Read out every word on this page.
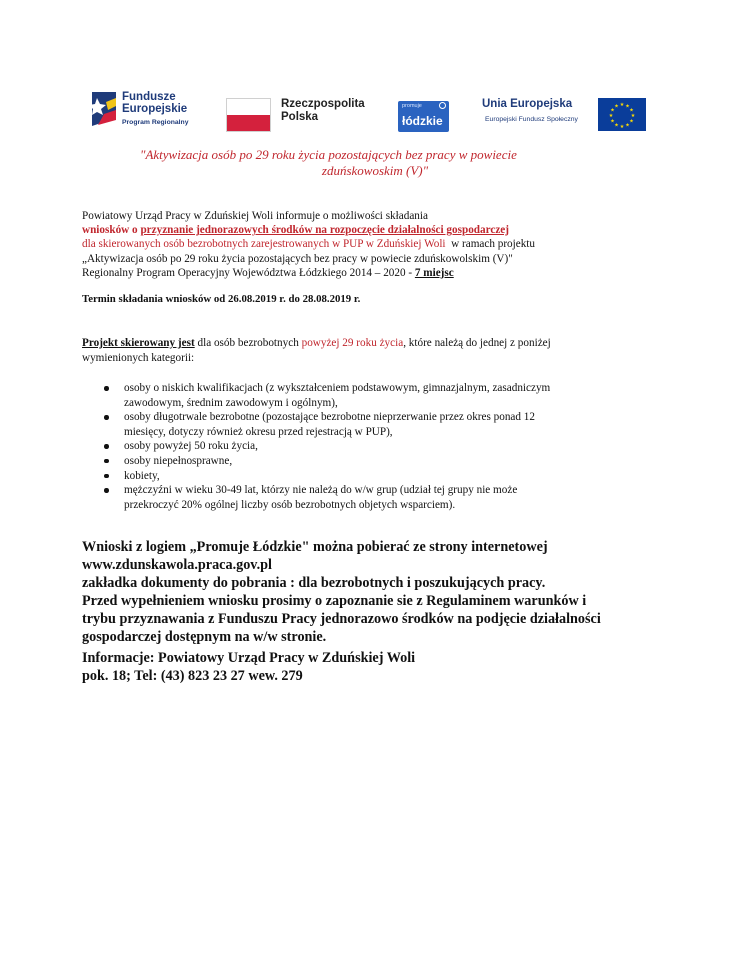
Fundusze
Europejskie
Program Regionalny
Rzeczpospolita
Polska
promuje
łódzkie
Unia Europejska
Europejski Fundusz Społeczny
★ ★
★
★
★
★
★
★
★
★
★
★
"Aktywizacja osób po 29 roku życia pozostających bez pracy w powiecie
zduńskowoskim (V)"
Powiatowy Urząd Pracy w Zduńskiej Woli informuje o możliwości składania
wniosków o przyznanie jednorazowych środków na rozpoczęcie działalności gospodarczej
dla skierowanych osób bezrobotnych zarejestrowanych w PUP w Zduńskiej Woli  w ramach projektu
„Aktywizacja osób po 29 roku życia pozostających bez pracy w powiecie zduńskowolskim (V)"
Regionalny Program Operacyjny Województwa Łódzkiego 2014 – 2020 - 7 miejsc
Termin składania wniosków od 26.08.2019 r. do 28.08.2019 r.
Projekt skierowany jest dla osób bezrobotnych powyżej 29 roku życia, które należą do jednej z poniżej
wymienionych kategorii:
osoby o niskich kwalifikacjach (z wykształceniem podstawowym, gimnazjalnym, zasadniczym
zawodowym, średnim zawodowym i ogólnym),
osoby długotrwale bezrobotne (pozostające bezrobotne nieprzerwanie przez okres ponad 12
miesięcy, dotyczy również okresu przed rejestracją w PUP),
osoby powyżej 50 roku życia,
osoby niepełnosprawne,
kobiety,
mężczyźni w wieku 30-49 lat, którzy nie należą do w/w grup (udział tej grupy nie może
przekroczyć 20% ogólnej liczby osób bezrobotnych objetych wsparciem).
Wnioski z logiem „Promuje Łódzkie" można pobierać ze strony internetowej
www.zdunskawola.praca.gov.pl
zakładka dokumenty do pobrania : dla bezrobotnych i poszukujących pracy.
Przed wypełnieniem wniosku prosimy o zapoznanie sie z Regulaminem warunków i
trybu przyznawania z Funduszu Pracy jednorazowo środków na podjęcie działalności
gospodarczej dostępnym na w/w stronie.
Informacje: Powiatowy Urząd Pracy w Zduńskiej Woli
pok. 18; Tel: (43) 823 23 27 wew. 279
